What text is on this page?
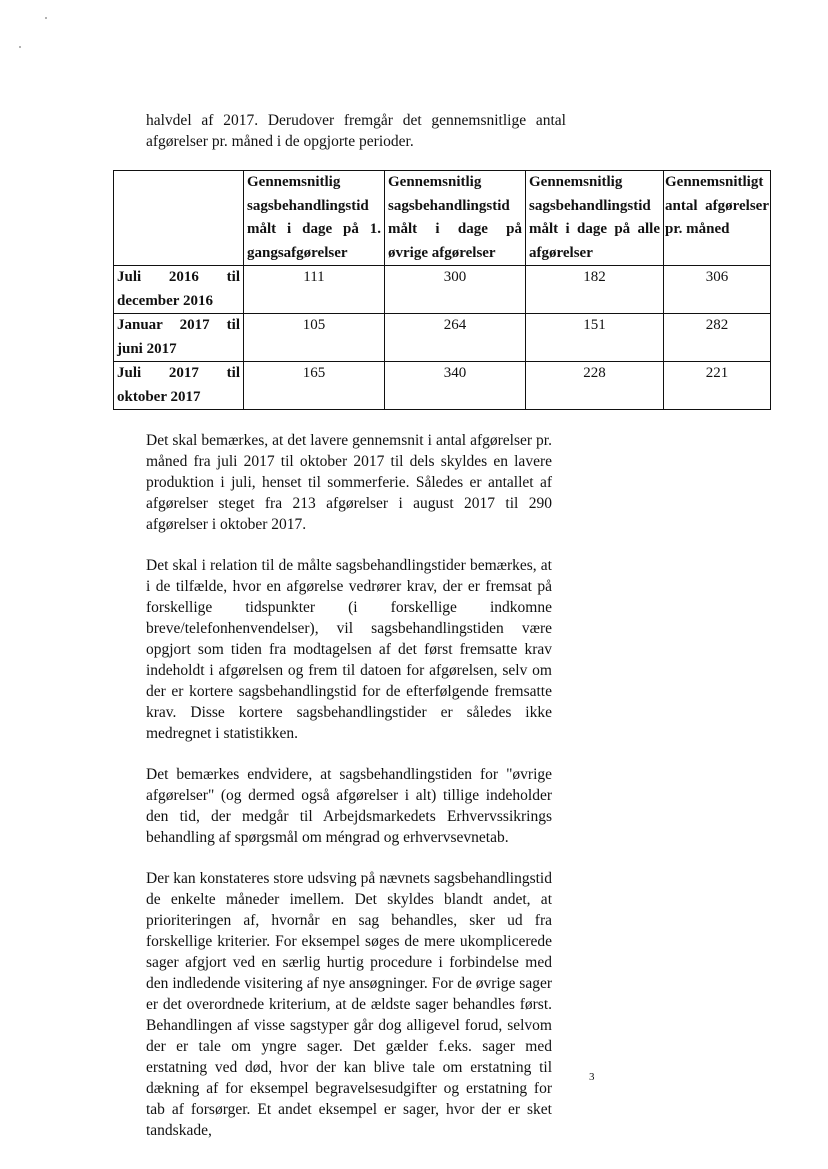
halvdel af 2017. Derudover fremgår det gennemsnitlige antal afgørelser pr. måned i de opgjorte perioder.

	Gennemsnitlig sagsbehandlingstid målt i dage på 1. gangsafgørelser	Gennemsnitlig sagsbehandlingstid målt i dage på øvrige afgørelser	Gennemsnitlig sagsbehandlingstid målt i dage på alle afgørelser	Gennemsnitligt antal afgørelser pr. måned
Juli 2016 til december 2016	111	300	182	306
Januar 2017 til juni 2017	105	264	151	282
Juli 2017 til oktober 2017	165	340	228	221

Det skal bemærkes, at det lavere gennemsnit i antal afgørelser pr. måned fra juli 2017 til oktober 2017 til dels skyldes en lavere produktion i juli, henset til sommerferie. Således er antallet af afgørelser steget fra 213 afgørelser i august 2017 til 290 afgørelser i oktober 2017.

Det skal i relation til de målte sagsbehandlingstider bemærkes, at i de tilfælde, hvor en afgørelse vedrører krav, der er fremsat på forskellige tidspunkter (i forskellige indkomne breve/telefonhenvendelser), vil sagsbehandlingstiden være opgjort som tiden fra modtagelsen af det først fremsatte krav indeholdt i afgørelsen og frem til datoen for afgørelsen, selv om der er kortere sagsbehandlingstid for de efterfølgende fremsatte krav. Disse kortere sagsbehandlingstider er således ikke medregnet i statistikken.

Det bemærkes endvidere, at sagsbehandlingstiden for "øvrige afgørelser" (og dermed også afgørelser i alt) tillige indeholder den tid, der medgår til Arbejdsmarkedets Erhvervssikrings behandling af spørgsmål om méngrad og erhvervsevnetab.

Der kan konstateres store udsving på nævnets sagsbehandlingstid de enkelte måneder imellem. Det skyldes blandt andet, at prioriteringen af, hvornår en sag behandles, sker ud fra forskellige kriterier. For eksempel søges de mere ukomplicerede sager afgjort ved en særlig hurtig procedure i forbindelse med den indledende visitering af nye ansøgninger. For de øvrige sager er det overordnede kriterium, at de ældste sager behandles først. Behandlingen af visse sagstyper går dog alligevel forud, selvom der er tale om yngre sager. Det gælder f.eks. sager med erstatning ved død, hvor der kan blive tale om erstatning til dækning af for eksempel begravelsesudgifter og erstatning for tab af forsørger. Et andet eksempel er sager, hvor der er sket tandskade,

3
